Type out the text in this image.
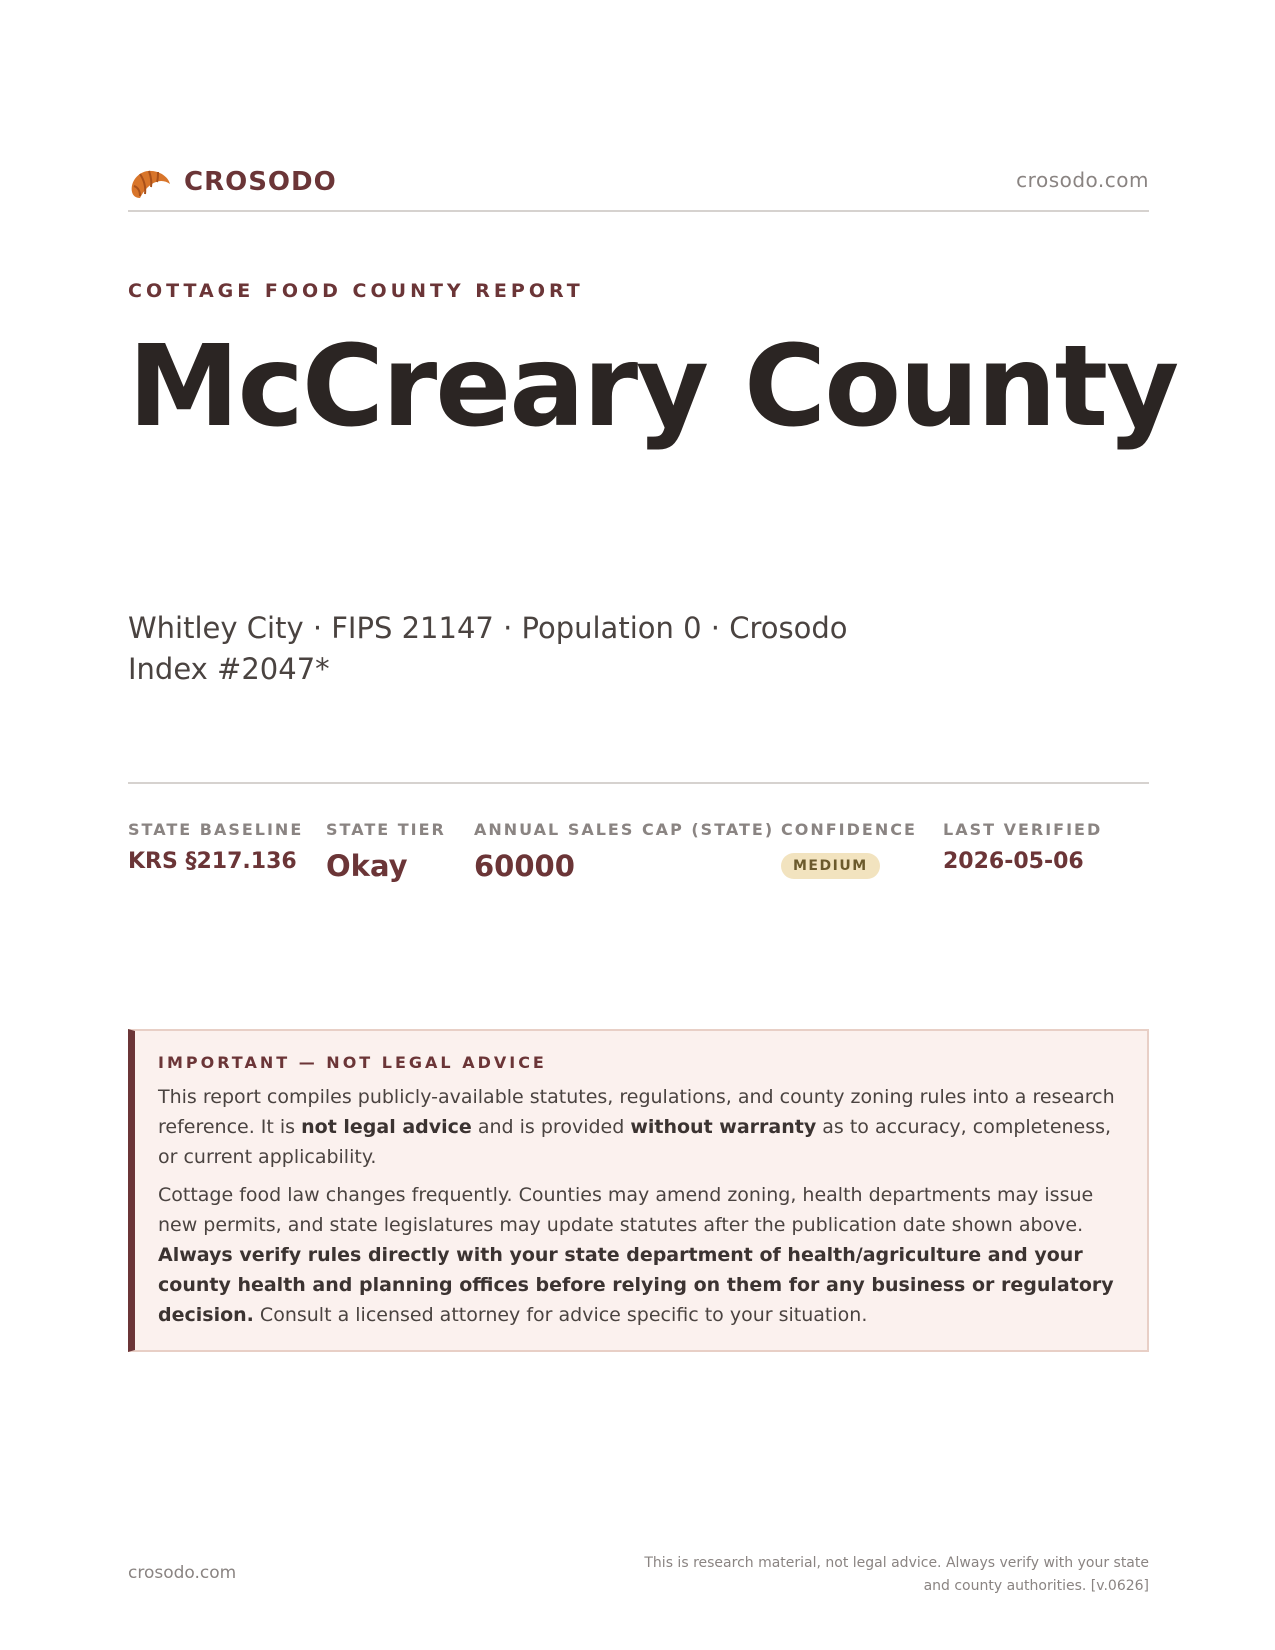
CROSODO	crosodo.com
COTTAGE FOOD COUNTY REPORT
McCreary County
Whitley City · FIPS 21147 · Population 0 · Crosodo Index #2047*
STATE BASELINE
KRS §217.136
STATE TIER
Okay
ANNUAL SALES CAP (STATE)
60000
CONFIDENCE
MEDIUM
LAST VERIFIED
2026-05-06
IMPORTANT — NOT LEGAL ADVICE

This report compiles publicly-available statutes, regulations, and county zoning rules into a research reference. It is not legal advice and is provided without warranty as to accuracy, completeness, or current applicability.

Cottage food law changes frequently. Counties may amend zoning, health departments may issue new permits, and state legislatures may update statutes after the publication date shown above. Always verify rules directly with your state department of health/agriculture and your county health and planning offices before relying on them for any business or regulatory decision. Consult a licensed attorney for advice specific to your situation.

crosodo.com	This is research material, not legal advice. Always verify with your state and county authorities. [v.0626]
